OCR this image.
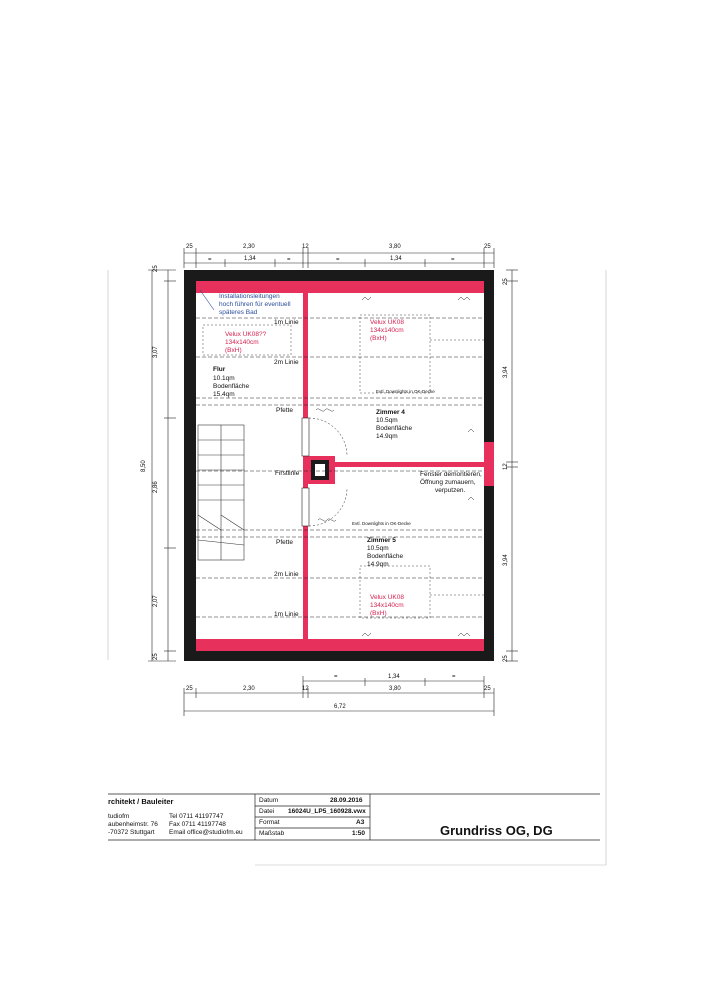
25	2,30	12	3,80	25
=	1,34	=	=	1,34	=
25
3,07
2,86
2,07
25
8,50
25
3,94
12
3,94
25
=	1,34	=
25	2,30	12	3,80	25
6,72
Installationsleitungen
hoch führen für eventuell
späteres Bad
1m Linie
Velux UK08??
134x140cm
(BxH)
2m Linie
Velux UK08
134x140cm
(BxH)
Flur
10.1qm
Bodenfläche
15.4qm	Evtl. Downlights in OK-Decke
Pfette	Zimmer 4
10.5qm
Bodenfläche
14.9qm
Firstlinie	Fenster demontieren,
Öffnung zumauern,
verputzen.
Evtl. Downlights in OK-Decke
Pfette	Zimmer 5
10.5qm
Bodenfläche
14.9qm
2m Linie
Velux UK08
134x140cm
(BxH)
1m Linie
rchitekt / Bauleiter
tudiofm
aubenheimstr. 76
-70372 Stuttgart
Tel 0711 41197747
Fax 0711 41197748
Email office@studiofm.eu
Datum	28.09.2016
Datei 16024U_LP5_160928.vwx
Format	A3
Maßstab	1:50	Grundriss OG, DG
